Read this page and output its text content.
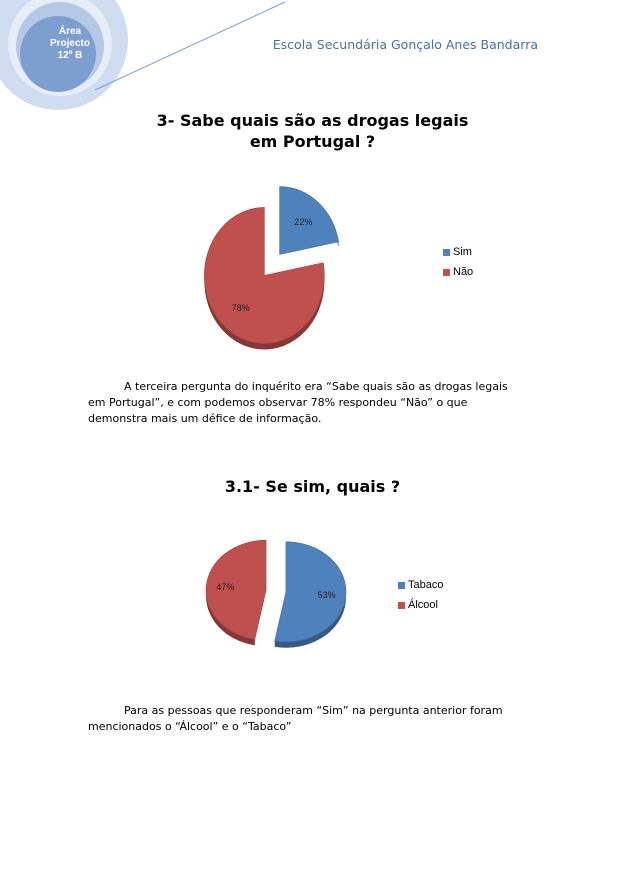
Área
Projecto
12º B
Escola Secundária Gonçalo Anes Bandarra
3- Sabe quais são as drogas legais
em Portugal ?
22%
78%
Sim
Não

A terceira pergunta do inquérito era “Sabe quais são as drogas legais em Portugal”, e com podemos observar 78% respondeu “Não” o que demonstra mais um défice de informação.

3.1- Se sim, quais ?
53%
47%	Tabaco
Álcool

Para as pessoas que responderam “Sim” na pergunta anterior foram mencionados o “Álcool” e o “Tabaco”
